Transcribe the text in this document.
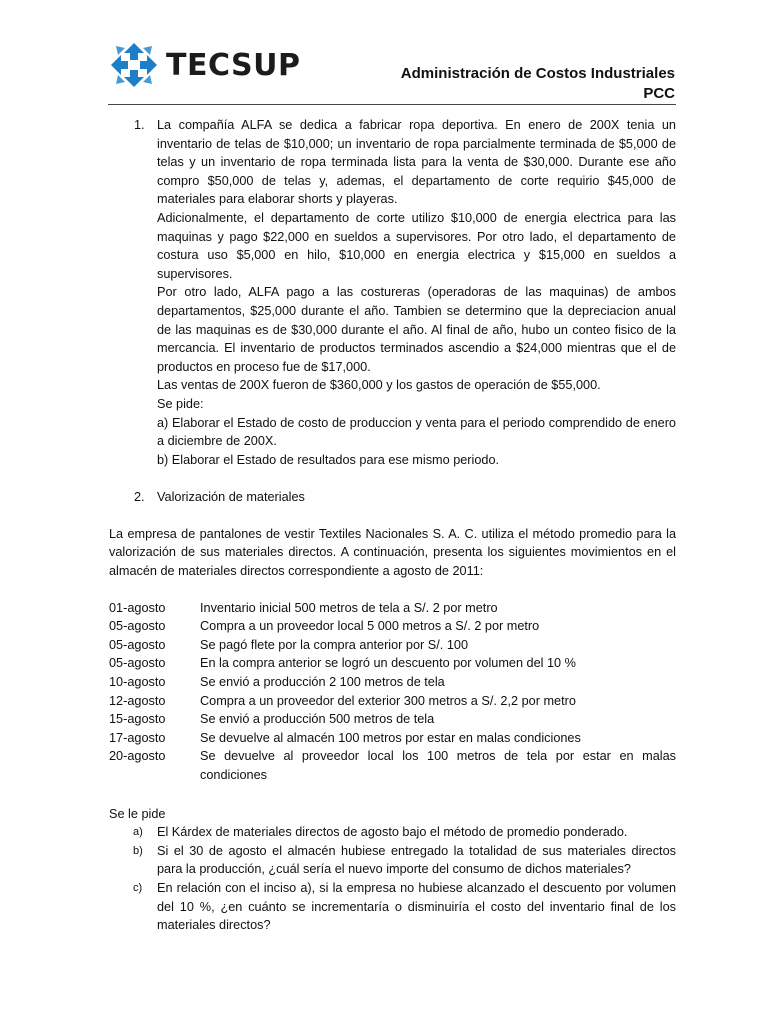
TECSUP	Administración de Costos Industriales
PCC
1. La compañía ALFA se dedica a fabricar ropa deportiva. En enero de 200X tenia un inventario de telas de $10,000; un inventario de ropa parcialmente terminada de $5,000 de telas y un inventario de ropa terminada lista para la venta de $30,000. Durante ese año compro $50,000 de telas y, ademas, el departamento de corte requirio $45,000 de materiales para elaborar shorts y playeras.

Adicionalmente, el departamento de corte utilizo $10,000 de energia electrica para las maquinas y pago $22,000 en sueldos a supervisores. Por otro lado, el departamento de costura uso $5,000 en hilo, $10,000 en energia electrica y $15,000 en sueldos a supervisores.

Por otro lado, ALFA pago a las costureras (operadoras de las maquinas) de ambos departamentos, $25,000 durante el año. Tambien se determino que la depreciacion anual de las maquinas es de $30,000 durante el año. Al final de año, hubo un conteo fisico de la mercancia. El inventario de productos terminados ascendio a $24,000 mientras que el de productos en proceso fue de $17,000.

Las ventas de 200X fueron de $360,000 y los gastos de operación de $55,000.

Se pide:

a) Elaborar el Estado de costo de produccion y venta para el periodo comprendido de enero a diciembre de 200X.

b) Elaborar el Estado de resultados para ese mismo periodo.

2. Valorización de materiales

La empresa de pantalones de vestir Textiles Nacionales S. A. C. utiliza el método promedio para la valorización de sus materiales directos. A continuación, presenta los siguientes movimientos en el almacén de materiales directos correspondiente a agosto de 2011:

01-agosto	Inventario inicial 500 metros de tela a S/. 2 por metro
05-agosto	Compra a un proveedor local 5 000 metros a S/. 2 por metro
05-agosto	Se pagó flete por la compra anterior por S/. 100
05-agosto	En la compra anterior se logró un descuento por volumen del 10 %
10-agosto	Se envió a producción 2 100 metros de tela
12-agosto	Compra a un proveedor del exterior 300 metros a S/. 2,2 por metro
15-agosto	Se envió a producción 500 metros de tela
17-agosto	Se devuelve al almacén 100 metros por estar en malas condiciones
20-agosto	Se devuelve al proveedor local los 100 metros de tela por estar en malas condiciones
Se le pide
a)	El Kárdex de materiales directos de agosto bajo el método de promedio ponderado.
b)	Si el 30 de agosto el almacén hubiese entregado la totalidad de sus materiales directos para la producción, ¿cuál sería el nuevo importe del consumo de dichos materiales?
c)	En relación con el inciso a), si la empresa no hubiese alcanzado el descuento por volumen del 10 %, ¿en cuánto se incrementaría o disminuiría el costo del inventario final de los materiales directos?
